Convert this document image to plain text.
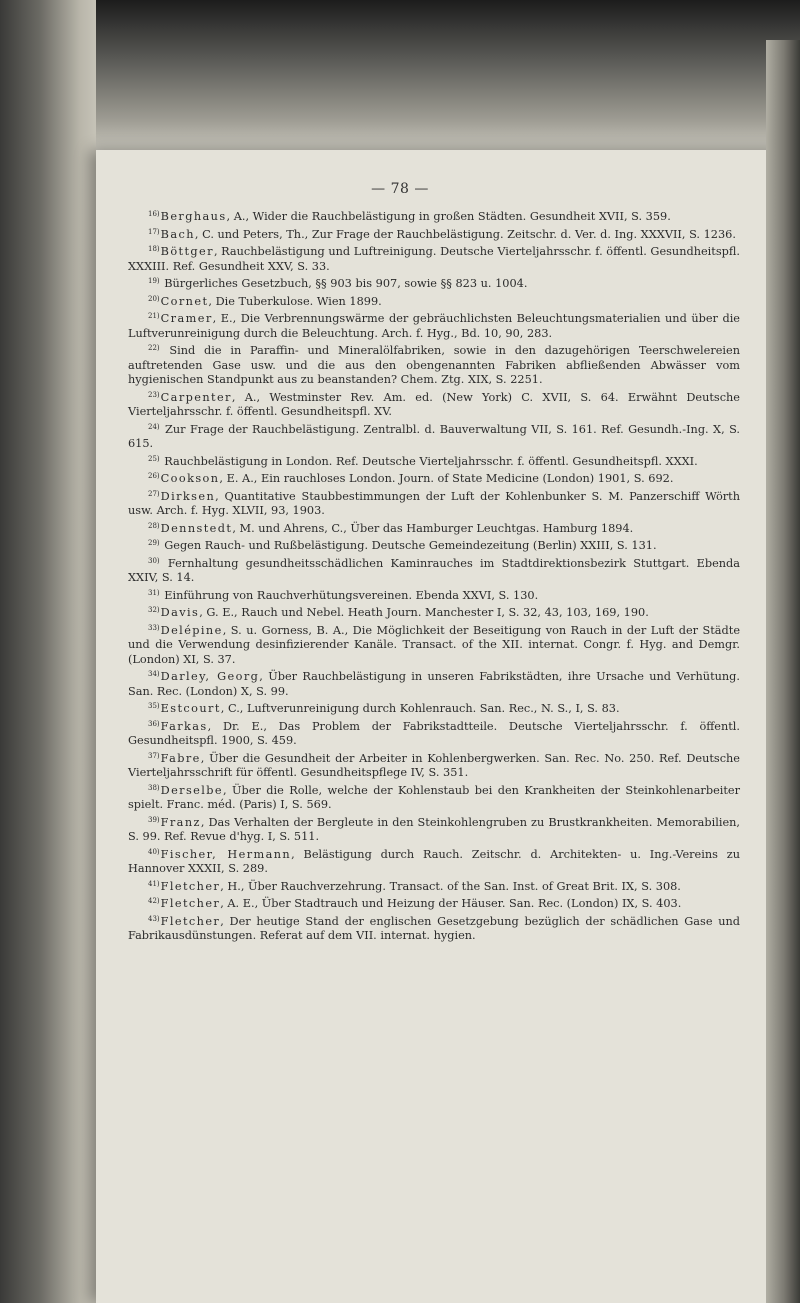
— 78 —

$^{16)}$Berghaus, A., Wider die Rauchbelästigung in großen Städten. Gesundheit XVII, S. 359.

$^{17)}$Bach, C. und Peters, Th., Zur Frage der Rauchbelästigung. Zeitschr. d. Ver. d. Ing. XXXVII, S. 1236.

$^{18)}$Böttger, Rauchbelästigung und Luftreinigung. Deutsche Vierteljahrsschr. f. öffentl. Gesundheitspfl. XXXIII. Ref. Gesundheit XXV, S. 33.

$^{19)}$ Bürgerliches Gesetzbuch, §§ 903 bis 907, sowie §§ 823 u. 1004.

$^{20)}$Cornet, Die Tuberkulose. Wien 1899.

$^{21)}$Cramer, E., Die Verbrennungswärme der gebräuchlichsten Beleuchtungsmaterialien und über die Luftverunreinigung durch die Beleuchtung. Arch. f. Hyg., Bd. 10, 90, 283.

$^{22)}$ Sind die in Paraffin- und Mineralölfabriken, sowie in den dazugehörigen Teerschwelereien auftretenden Gase usw. und die aus den obengenannten Fabriken abfließenden Abwässer vom hygienischen Standpunkt aus zu beanstanden? Chem. Ztg. XIX, S. 2251.

$^{23)}$Carpenter, A., Westminster Rev. Am. ed. (New York) C. XVII, S. 64. Erwähnt Deutsche Vierteljahrsschr. f. öffentl. Gesundheitspfl. XV.

$^{24)}$ Zur Frage der Rauchbelästigung. Zentralbl. d. Bauverwaltung VII, S. 161. Ref. Gesundh.-Ing. X, S. 615.

$^{25)}$ Rauchbelästigung in London. Ref. Deutsche Vierteljahrsschr. f. öffentl. Gesundheitspfl. XXXI.

$^{26)}$Cookson, E. A., Ein rauchloses London. Journ. of State Medicine (London) 1901, S. 692.

$^{27)}$Dirksen, Quantitative Staubbestimmungen der Luft der Kohlenbunker S. M. Panzerschiff Wörth usw. Arch. f. Hyg. XLVII, 93, 1903.

$^{28)}$Dennstedt, M. und Ahrens, C., Über das Hamburger Leuchtgas. Hamburg 1894.

$^{29)}$ Gegen Rauch- und Rußbelästigung. Deutsche Gemeindezeitung (Berlin) XXIII, S. 131.

$^{30)}$ Fernhaltung gesundheitsschädlichen Kaminrauches im Stadtdirektionsbezirk Stuttgart. Ebenda XXIV, S. 14.

$^{31)}$ Einführung von Rauchverhütungsvereinen. Ebenda XXVI, S. 130.

$^{32)}$Davis, G. E., Rauch und Nebel. Heath Journ. Manchester I, S. 32, 43, 103, 169, 190.

$^{33)}$Delépine, S. u. Gorness, B. A., Die Möglichkeit der Beseitigung von Rauch in der Luft der Städte und die Verwendung desinfizierender Kanäle. Transact. of the XII. internat. Congr. f. Hyg. and Demgr. (London) XI, S. 37.

$^{34)}$Darley, Georg, Über Rauchbelästigung in unseren Fabrikstädten, ihre Ursache und Verhütung. San. Rec. (London) X, S. 99.

$^{35)}$Estcourt, C., Luftverunreinigung durch Kohlenrauch. San. Rec., N. S., I, S. 83.

$^{36)}$Farkas, Dr. E., Das Problem der Fabrikstadtteile. Deutsche Vierteljahrsschr. f. öffentl. Gesundheitspfl. 1900, S. 459.

$^{37)}$Fabre, Über die Gesundheit der Arbeiter in Kohlenbergwerken. San. Rec. No. 250. Ref. Deutsche Vierteljahrsschrift für öffentl. Gesundheitspflege IV, S. 351.

$^{38)}$Derselbe, Über die Rolle, welche der Kohlenstaub bei den Krankheiten der Steinkohlenarbeiter spielt. Franc. méd. (Paris) I, S. 569.

$^{39)}$Franz, Das Verhalten der Bergleute in den Steinkohlengruben zu Brustkrankheiten. Memorabilien, S. 99. Ref. Revue d'hyg. I, S. 511.

$^{40)}$Fischer, Hermann, Belästigung durch Rauch. Zeitschr. d. Architekten- u. Ing.-Vereins zu Hannover XXXII, S. 289.

$^{41)}$Fletcher, H., Über Rauchverzehrung. Transact. of the San. Inst. of Great Brit. IX, S. 308.

$^{42)}$Fletcher, A. E., Über Stadtrauch und Heizung der Häuser. San. Rec. (London) IX, S. 403.

$^{43)}$Fletcher, Der heutige Stand der englischen Gesetzgebung bezüglich der schädlichen Gase und Fabrikausdünstungen. Referat auf dem VII. internat. hygien.
